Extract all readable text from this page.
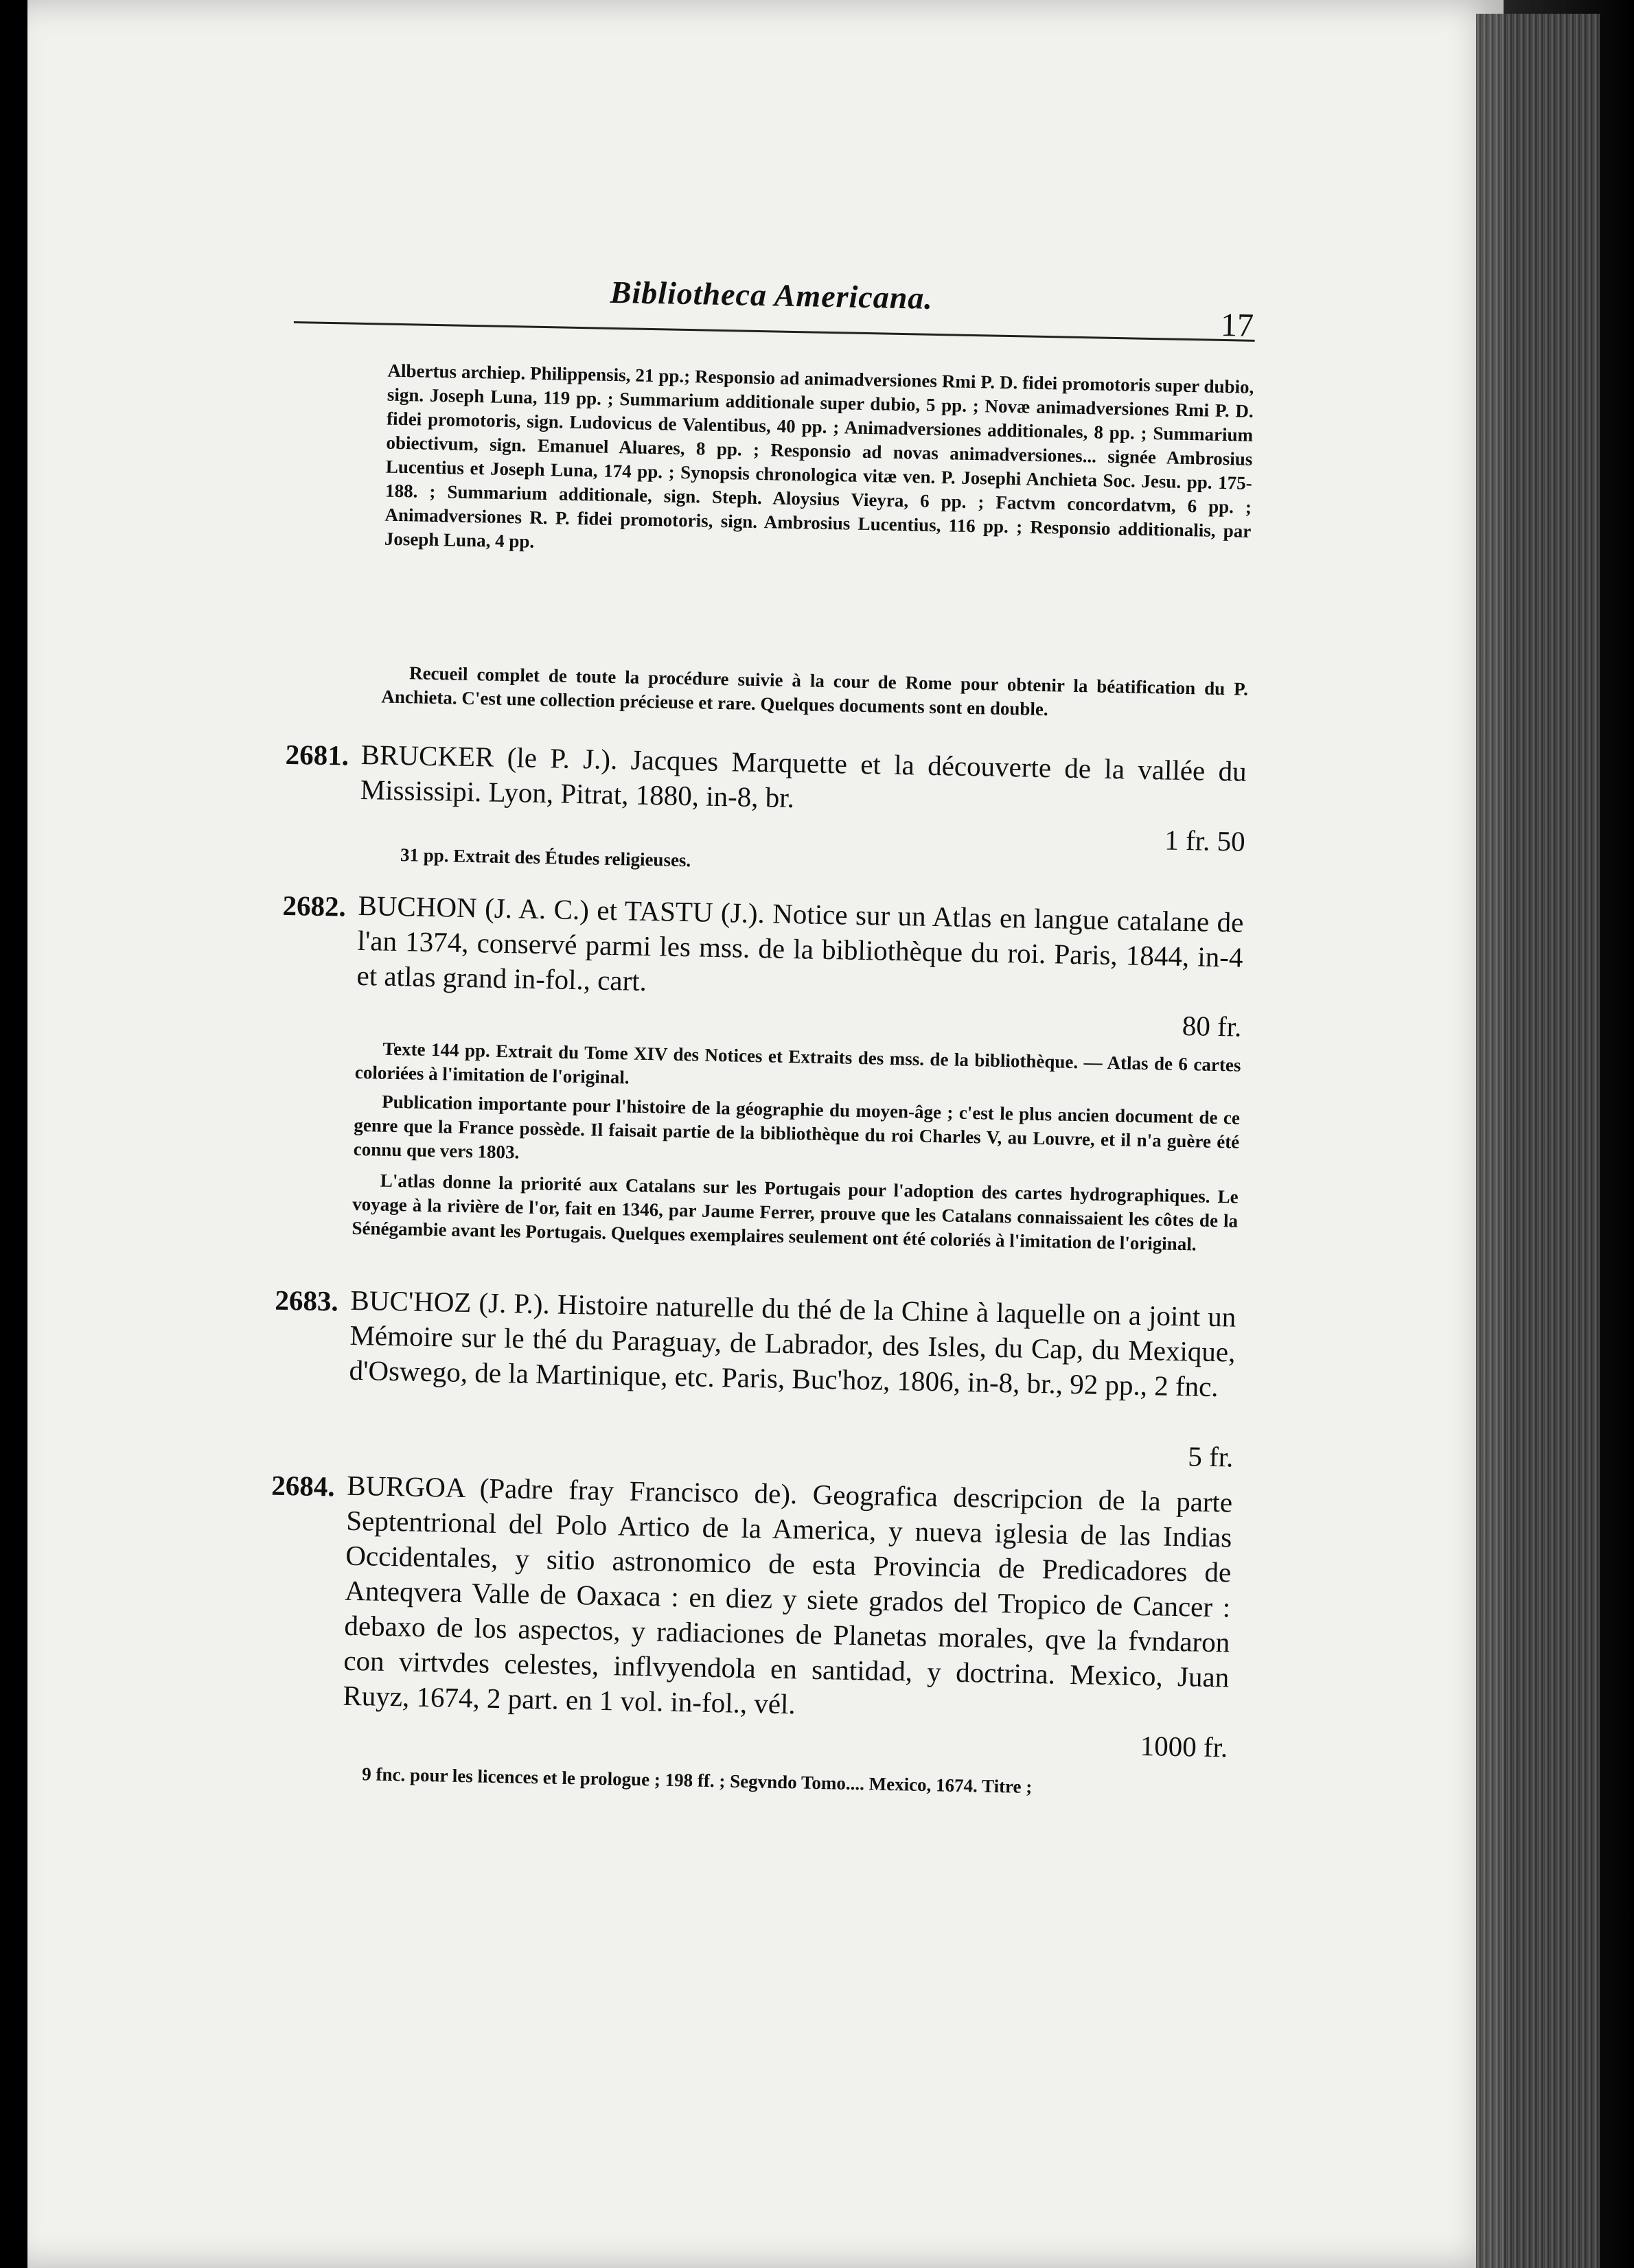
Bibliotheca Americana.
17
Albertus archiep. Philippensis, 21 pp.; Responsio ad animadversiones Rmi P. D. fidei promotoris super dubio, sign. Joseph Luna, 119 pp. ; Summarium additionale super dubio, 5 pp. ; Novæ animadversiones Rmi P. D. fidei promotoris, sign. Ludovicus de Valentibus, 40 pp. ; Animadversiones additionales, 8 pp. ; Summarium obiectivum, sign. Emanuel Aluares, 8 pp. ; Responsio ad novas animadversiones... signée Ambrosius Lucentius et Joseph Luna, 174 pp. ; Synopsis chronologica vitæ ven. P. Josephi Anchieta Soc. Jesu. pp. 175-188. ; Summarium additionale, sign. Steph. Aloysius Vieyra, 6 pp. ; Factvm concordatvm, 6 pp. ; Animadversiones R. P. fidei promotoris, sign. Ambrosius Lucentius, 116 pp. ; Responsio additionalis, par Joseph Luna, 4 pp.
Recueil complet de toute la procédure suivie à la cour de Rome pour obtenir la béatification du P. Anchieta. C'est une collection précieuse et rare. Quelques documents sont en double.
2681. BRUCKER (le P. J.). Jacques Marquette et la découverte de la vallée du Mississipi. Lyon, Pitrat, 1880, in-8, br.
1 fr. 50
31 pp. Extrait des Études religieuses.
2682. BUCHON (J. A. C.) et TASTU (J.). Notice sur un Atlas en langue catalane de l'an 1374, conservé parmi les mss. de la bibliothèque du roi. Paris, 1844, in-4 et atlas grand in-fol., cart.
80 fr.
Texte 144 pp. Extrait du Tome XIV des Notices et Extraits des mss. de la bibliothèque. — Atlas de 6 cartes coloriées à l'imitation de l'original.
Publication importante pour l'histoire de la géographie du moyen-âge ; c'est le plus ancien document de ce genre que la France possède. Il faisait partie de la bibliothèque du roi Charles V, au Louvre, et il n'a guère été connu que vers 1803.
L'atlas donne la priorité aux Catalans sur les Portugais pour l'adoption des cartes hydrographiques. Le voyage à la rivière de l'or, fait en 1346, par Jaume Ferrer, prouve que les Catalans connaissaient les côtes de la Sénégambie avant les Portugais. Quelques exemplaires seulement ont été coloriés à l'imitation de l'original.
2683. BUC'HOZ (J. P.). Histoire naturelle du thé de la Chine à laquelle on a joint un Mémoire sur le thé du Paraguay, de Labrador, des Isles, du Cap, du Mexique, d'Oswego, de la Martinique, etc. Paris, Buc'hoz, 1806, in-8, br., 92 pp., 2 fnc.
5 fr.
2684. BURGOA (Padre fray Francisco de). Geografica descripcion de la parte Septentrional del Polo Artico de la America, y nueva iglesia de las Indias Occidentales, y sitio astronomico de esta Provincia de Predicadores de Anteqvera Valle de Oaxaca : en diez y siete grados del Tropico de Cancer : debaxo de los aspectos, y radiaciones de Planetas morales, qve la fvndaron con virtvdes celestes, inflvyendola en santidad, y doctrina. Mexico, Juan Ruyz, 1674, 2 part. en 1 vol. in-fol., vél.
1000 fr.
9 fnc. pour les licences et le prologue ; 198 ff. ; Segvndo Tomo.... Mexico, 1674. Titre ;
